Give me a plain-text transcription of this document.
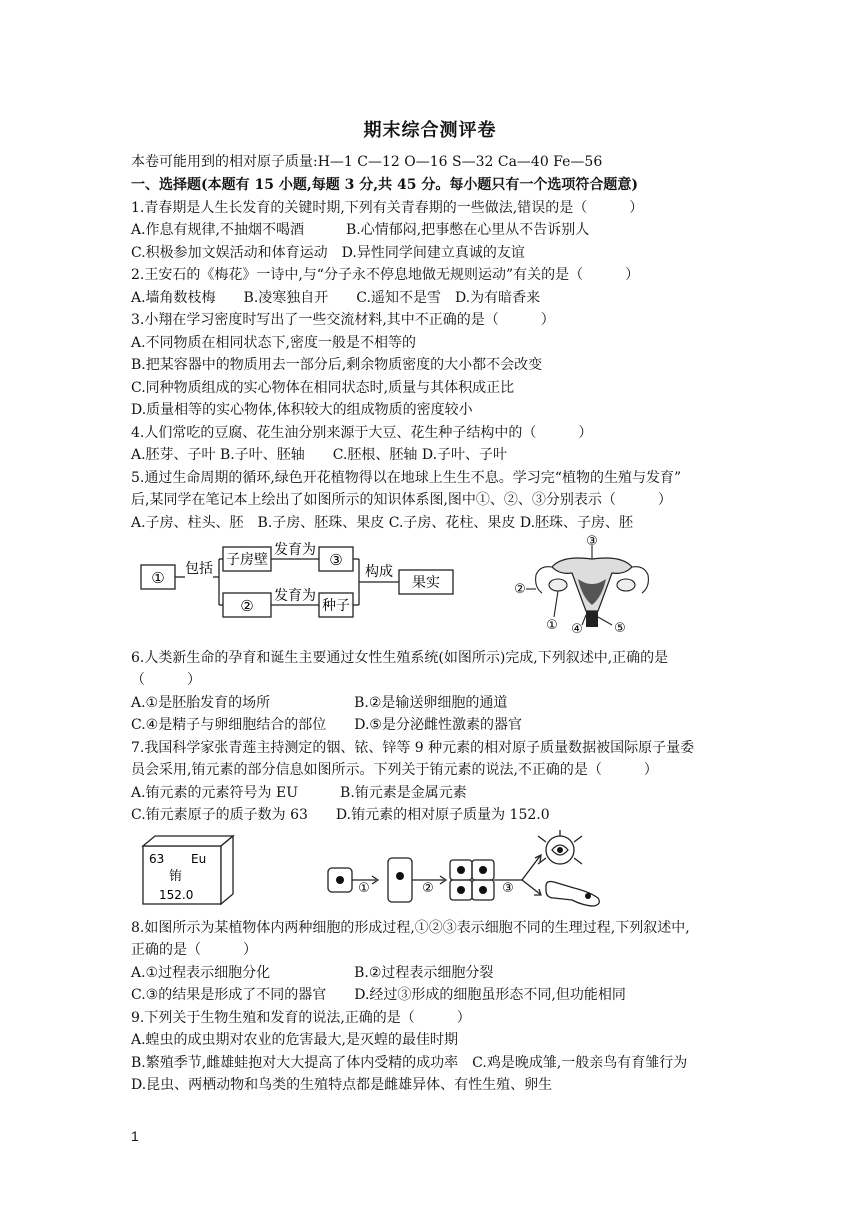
期末综合测评卷
本卷可能用到的相对原子质量:H—1 C—12 O—16 S—32 Ca—40 Fe—56
一、选择题(本题有 15 小题,每题 3 分,共 45 分。每小题只有一个选项符合题意)
1.青春期是人生长发育的关键时期,下列有关青春期的一些做法,错误的是（　　　）
A.作息有规律,不抽烟不喝酒　　　B.心情郁闷,把事憋在心里从不告诉别人
C.积极参加文娱活动和体育运动　D.异性同学间建立真诚的友谊
2.王安石的《梅花》一诗中,与“分子永不停息地做无规则运动”有关的是（　　　）
A.墙角数枝梅　　B.凌寒独自开　　C.遥知不是雪　D.为有暗香来
3.小翔在学习密度时写出了一些交流材料,其中不正确的是（　　　）
A.不同物质在相同状态下,密度一般是不相等的
B.把某容器中的物质用去一部分后,剩余物质密度的大小都不会改变
C.同种物质组成的实心物体在相同状态时,质量与其体积成正比
D.质量相等的实心物体,体积较大的组成物质的密度较小
4.人们常吃的豆腐、花生油分别来源于大豆、花生种子结构中的（　　　）
A.胚芽、子叶 B.子叶、胚轴　　C.胚根、胚轴 D.子叶、子叶
5.通过生命周期的循环,绿色开花植物得以在地球上生生不息。学习完“植物的生殖与发育”
后,某同学在笔记本上绘出了如图所示的知识体系图,图中①、②、③分别表示（　　　）
A.子房、柱头、胚　B.子房、胚珠、果皮 C.子房、花柱、果皮 D.胚珠、子房、胚
① 包括
子房壁
发育为
③
构成
果实
②
发育为
种子
③
②
① ④ ⑤
6.人类新生命的孕育和诞生主要通过女性生殖系统(如图所示)完成,下列叙述中,正确的是
（　　　）
A.①是胚胎发育的场所　　　　　　B.②是输送卵细胞的通道
C.④是精子与卵细胞结合的部位　　D.⑤是分泌雌性激素的器官
7.我国科学家张青莲主持测定的铟、铱、锌等 9 种元素的相对原子质量数据被国际原子量委
员会采用,铕元素的部分信息如图所示。下列关于铕元素的说法,不正确的是（　　　）
A.铕元素的元素符号为 EU　　　B.铕元素是金属元素
C.铕元素原子的质子数为 63　　D.铕元素的相对原子质量为 152.0
63 Eu
铕
152.0	①	②	③
8.如图所示为某植物体内两种细胞的形成过程,①②③表示细胞不同的生理过程,下列叙述中,
正确的是（　　　）
A.①过程表示细胞分化　　　　　　B.②过程表示细胞分裂
C.③的结果是形成了不同的器官　　D.经过③形成的细胞虽形态不同,但功能相同
9.下列关于生物生殖和发育的说法,正确的是（　　　）
A.蝗虫的成虫期对农业的危害最大,是灭蝗的最佳时期
B.繁殖季节,雌雄蛙抱对大大提高了体内受精的成功率　C.鸡是晚成雏,一般亲鸟有育雏行为
D.昆虫、两栖动物和鸟类的生殖特点都是雌雄异体、有性生殖、卵生
1
